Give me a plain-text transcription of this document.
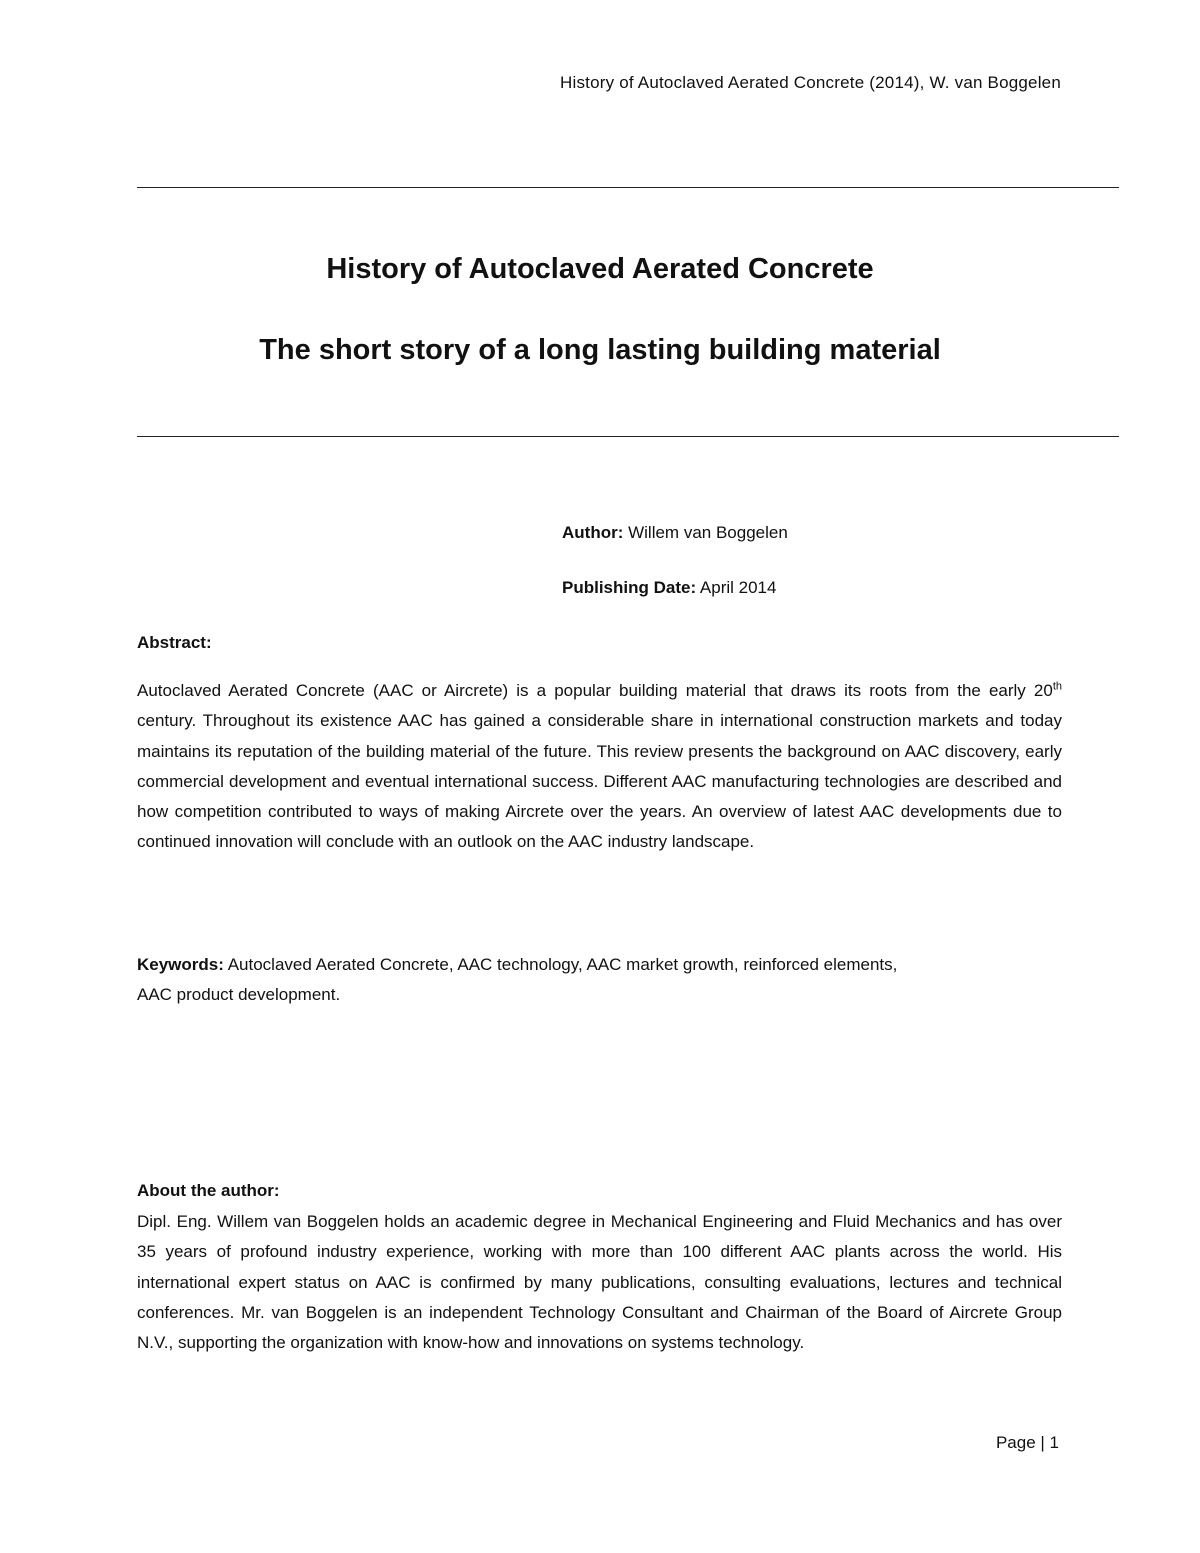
History of Autoclaved Aerated Concrete (2014), W. van Boggelen
History of Autoclaved Aerated Concrete
The short story of a long lasting building material
Author: Willem van Boggelen
Publishing Date: April 2014
Abstract:
Autoclaved Aerated Concrete (AAC or Aircrete) is a popular building material that draws its roots from the early 20th century. Throughout its existence AAC has gained a considerable share in international construction markets and today maintains its reputation of the building material of the future. This review presents the background on AAC discovery, early commercial development and eventual international success. Different AAC manufacturing technologies are described and how competition contributed to ways of making Aircrete over the years. An overview of latest AAC developments due to continued innovation will conclude with an outlook on the AAC industry landscape.
Keywords: Autoclaved Aerated Concrete, AAC technology, AAC market growth, reinforced elements,
AAC product development.
About the author:
Dipl. Eng. Willem van Boggelen holds an academic degree in Mechanical Engineering and Fluid Mechanics and has over 35 years of profound industry experience, working with more than 100 different AAC plants across the world. His international expert status on AAC is confirmed by many publications, consulting evaluations, lectures and technical conferences. Mr. van Boggelen is an independent Technology Consultant and Chairman of the Board of Aircrete Group N.V., supporting the organization with know-how and innovations on systems technology.
Page | 1
